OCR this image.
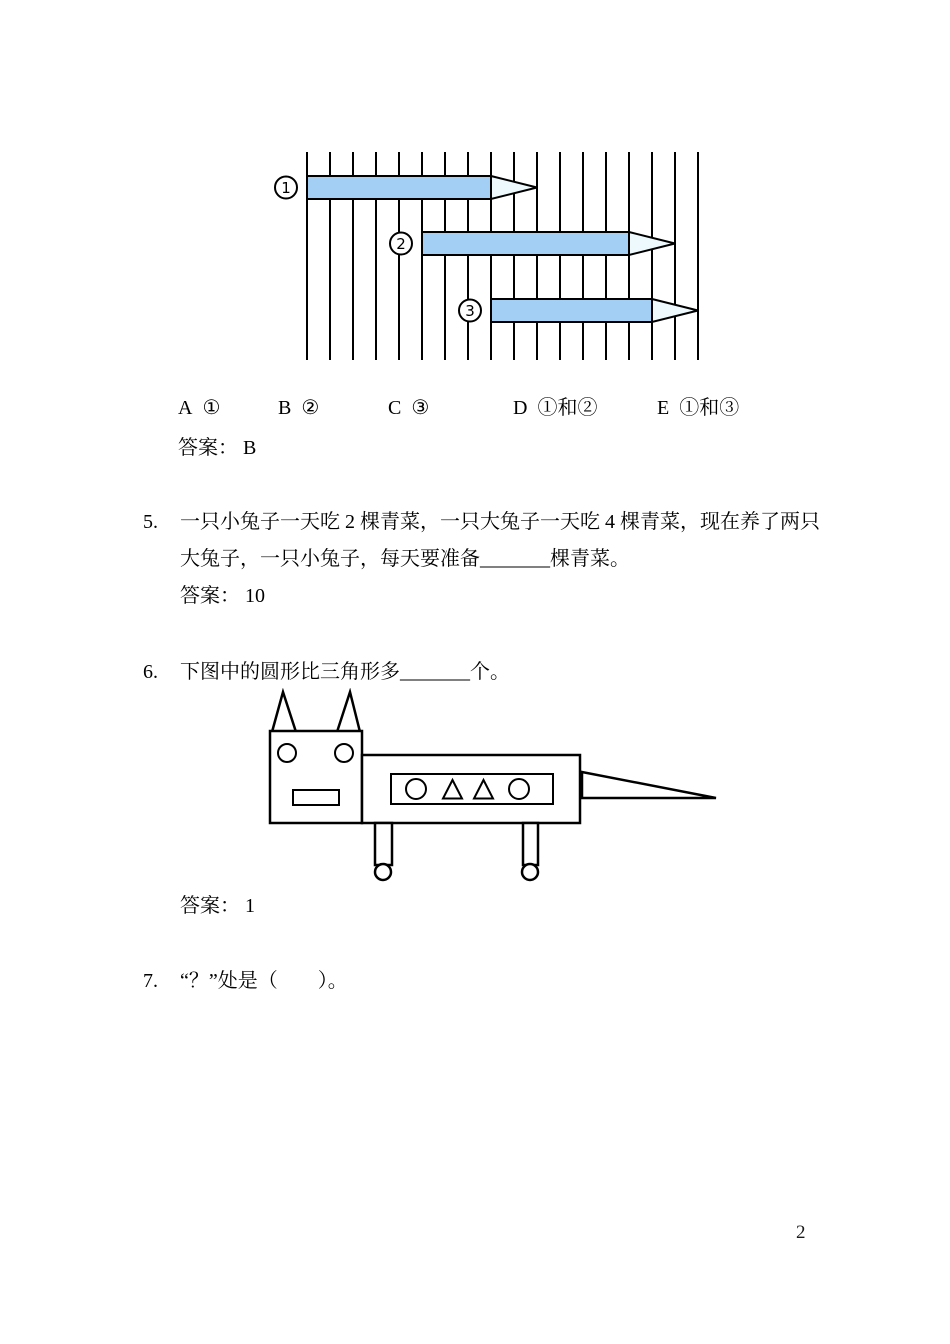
1
2
3
A ①	B ②	C ③	D ①和②	E ①和③
答案： B
5. 一只小兔子一天吃 2 棵青菜，一只大兔子一天吃 4 棵青菜，现在养了两只
大兔子，一只小兔子，每天要准备_______棵青菜。
答案： 10
6. 下图中的圆形比三角形多_______个。
答案： 1
7. “？”处是（　　）。
2
